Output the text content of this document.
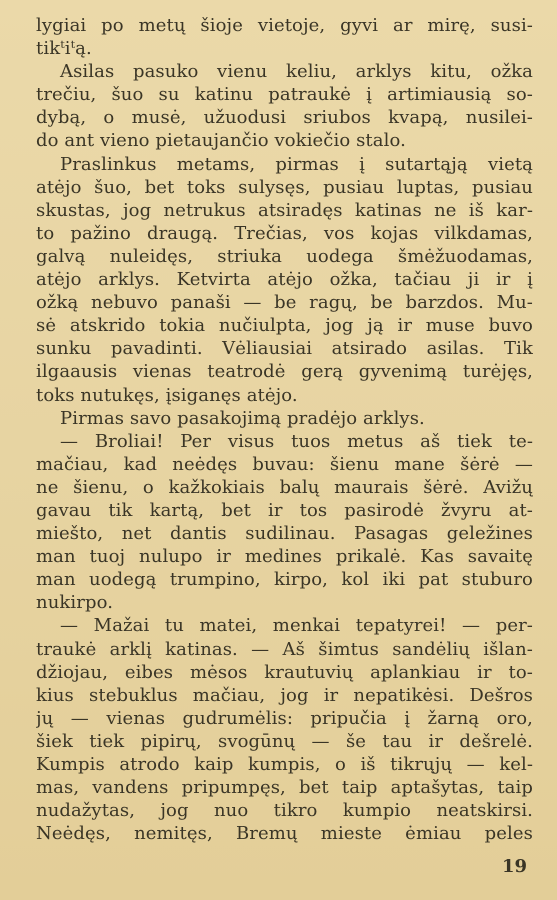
lygiai po metų šioje vietoje, gyvi ar mirę, susi-
tikᵗiᵗą.
Asilas pasuko vienu keliu, arklys kitu, ožka
trečiu, šuo su katinu patraukė į artimiausią so-
dybą, o musė, užuodusi sriubos kvapą, nusilei-
do ant vieno pietaujančio vokiečio stalo.
Praslinkus metams, pirmas į sutartąją vietą
atėjo šuo, bet toks sulysęs, pusiau luptas, pusiau
skustas, jog netrukus atsiradęs katinas ne iš kar-
to pažino draugą. Trečias, vos kojas vilkdamas,
galvą nuleidęs, striuka uodega šmėžuodamas,
atėjo arklys. Ketvirta atėjo ožka, tačiau ji ir į
ožką nebuvo panaši — be ragų, be barzdos. Mu-
sė atskrido tokia nučiulpta, jog ją ir muse buvo
sunku pavadinti. Vėliausiai atsirado asilas. Tik
ilgaausis vienas teatrodė gerą gyvenimą turėjęs,
toks nutukęs, įsiganęs atėjo.
Pirmas savo pasakojimą pradėjo arklys.
— Broliai! Per visus tuos metus aš tiek te-
mačiau, kad neėdęs buvau: šienu mane šėrė —
ne šienu, o kažkokiais balų maurais šėrė. Avižų
gavau tik kartą, bet ir tos pasirodė žvyru at-
miešto, net dantis sudilinau. Pasagas geležines
man tuoj nulupo ir medines prikalė. Kas savaitę
man uodegą trumpino, kirpo, kol iki pat stuburo
nukirpo.
— Mažai tu matei, menkai tepatyrei! — per-
traukė arklį katinas. — Aš šimtus sandėlių išlan-
džiojau, eibes mėsos krautuvių aplankiau ir to-
kius stebuklus mačiau, jog ir nepatikėsi. Dešros
jų — vienas gudrumėlis: pripučia į žarną oro,
šiek tiek pipirų, svogūnų — še tau ir dešrelė.
Kumpis atrodo kaip kumpis, o iš tikrųjų — kel-
mas, vandens pripumpęs, bet taip aptašytas, taip
nudažytas, jog nuo tikro kumpio neatskirsi.
Neėdęs, nemitęs, Bremų mieste ėmiau peles
19
